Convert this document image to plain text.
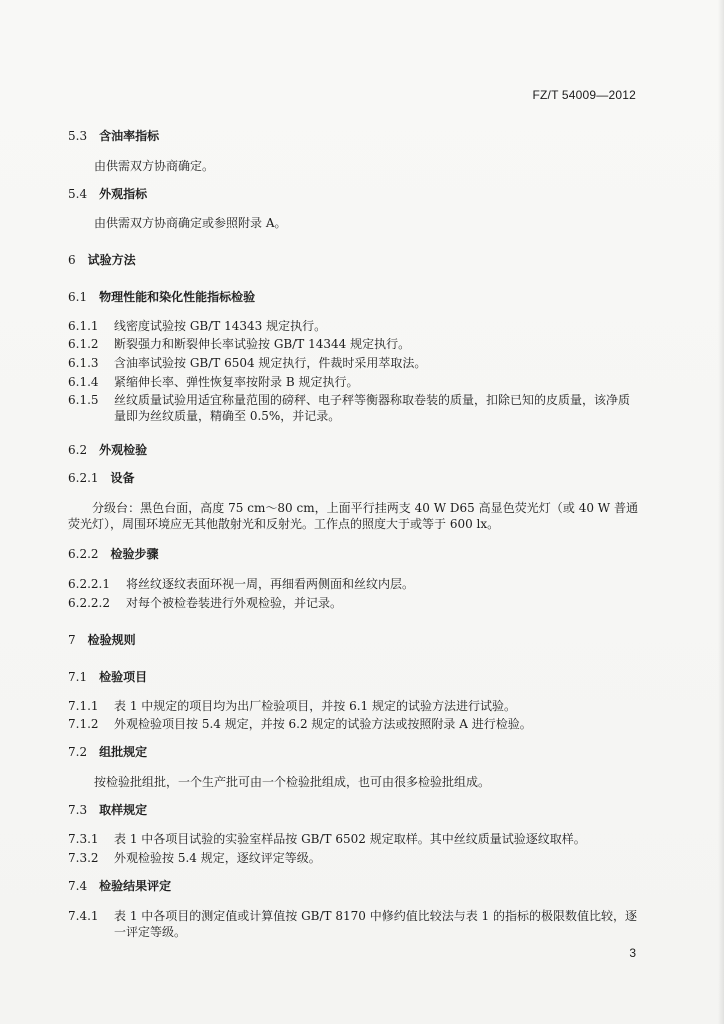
FZ/T 54009—2012
5.3 含油率指标
由供需双方协商确定。
5.4 外观指标
由供需双方协商确定或参照附录 A。
6 试验方法
6.1 物理性能和染化性能指标检验
6.1.1	线密度试验按 GB/T 14343 规定执行。
6.1.2	断裂强力和断裂伸长率试验按 GB/T 14344 规定执行。
6.1.3	含油率试验按 GB/T 6504 规定执行，件裁时采用萃取法。
6.1.4	紧缩伸长率、弹性恢复率按附录 B 规定执行。
6.1.5	丝纹质量试验用适宜称量范围的磅秤、电子秤等衡器称取卷装的质量，扣除已知的皮质量，该净质量即为丝纹质量，精确至 0.5%，并记录。
6.2 外观检验
6.2.1 设备
分级台：黑色台面，高度 75 cm～80 cm，上面平行挂两支 40 W D65 高显色荧光灯（或 40 W 普通荧光灯），周围环境应无其他散射光和反射光。工作点的照度大于或等于 600 lx。
6.2.2 检验步骤
6.2.2.1	将丝纹逐纹表面环视一周，再细看两侧面和丝纹内层。
6.2.2.2	对每个被检卷装进行外观检验，并记录。
7 检验规则
7.1 检验项目
7.1.1	表 1 中规定的项目均为出厂检验项目，并按 6.1 规定的试验方法进行试验。
7.1.2	外观检验项目按 5.4 规定，并按 6.2 规定的试验方法或按照附录 A 进行检验。
7.2 组批规定
按检验批组批，一个生产批可由一个检验批组成，也可由很多检验批组成。
7.3 取样规定
7.3.1	表 1 中各项目试验的实验室样品按 GB/T 6502 规定取样。其中丝纹质量试验逐纹取样。
7.3.2	外观检验按 5.4 规定，逐纹评定等级。
7.4 检验结果评定
7.4.1	表 1 中各项目的测定值或计算值按 GB/T 8170 中修约值比较法与表 1 的指标的极限数值比较，逐一评定等级。
3
